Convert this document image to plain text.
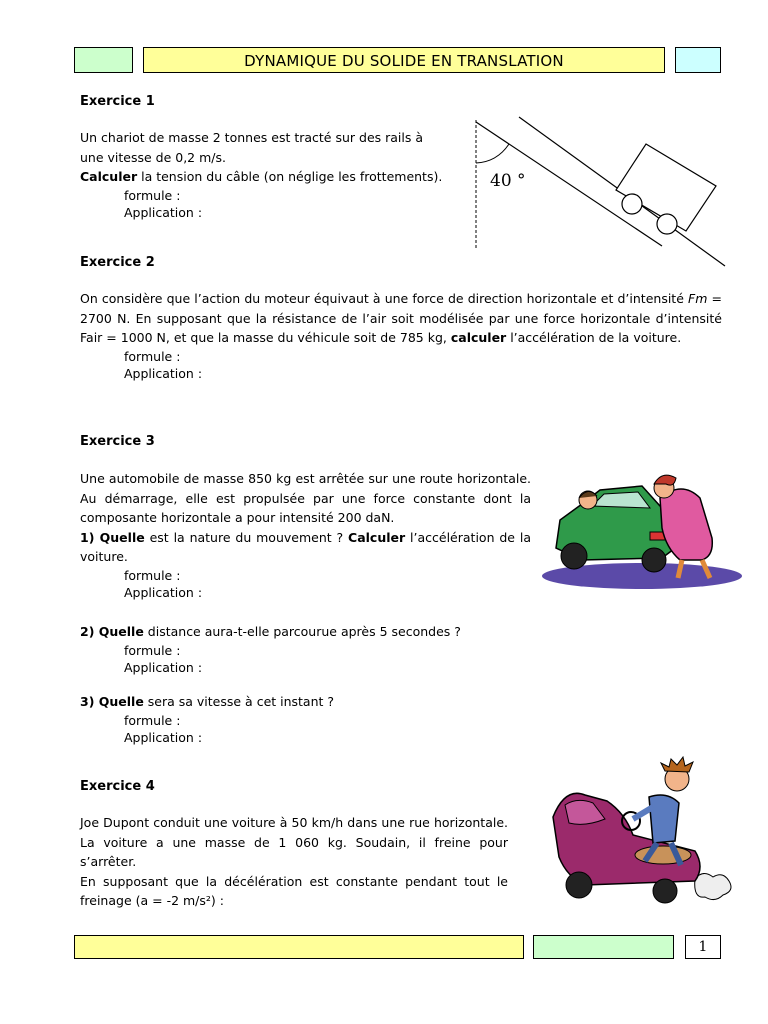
DYNAMIQUE DU SOLIDE EN TRANSLATION
Exercice 1

Un chariot de masse 2 tonnes est tracté sur des rails à

une vitesse de 0,2 m/s.

Calculer la tension du câble (on néglige les frottements).

formule :

Application :

40 °
Exercice 2

On considère que l’action du moteur équivaut à une force de direction horizontale et d’intensité Fm = 2700 N. En supposant que la résistance de l’air soit modélisée par une force horizontale d’intensité Fair = 1000 N, et que la masse du véhicule soit de 785 kg, calculer l’accélération de la voiture.

formule :

Application :

Exercice 3

Une automobile de masse 850 kg est arrêtée sur une route horizontale. Au démarrage, elle est propulsée par une force constante dont la composante horizontale a pour intensité 200 daN.

1) Quelle est la nature du mouvement ? Calculer l’accélération de la voiture.

formule :

Application :

2) Quelle distance aura-t-elle parcourue après 5 secondes ?

formule :

Application :

3) Quelle sera sa vitesse à cet instant ?

formule :

Application :

Exercice 4

Joe Dupont conduit une voiture à 50 km/h dans une rue horizontale. La voiture a une masse de 1 060 kg. Soudain, il freine pour s’arrêter.

En supposant que la décélération est constante pendant tout le freinage (a = -2 m/s²) :

1
